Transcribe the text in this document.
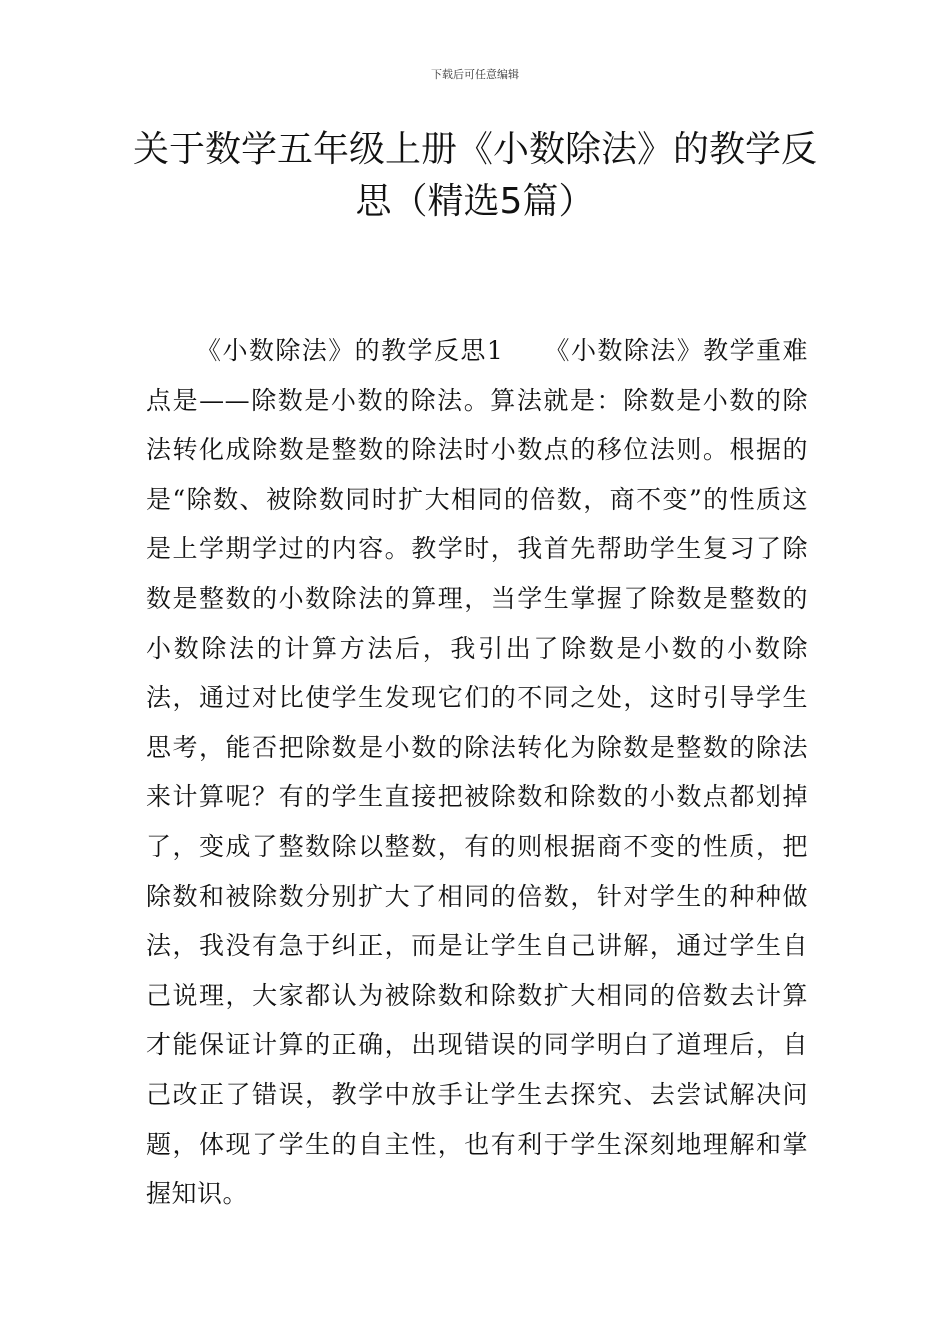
下载后可任意编辑
关于数学五年级上册《小数除法》的教学反思（精选5篇）

《小数除法》的教学反思1　　《小数除法》教学重难点是——除数是小数的除法。算法就是：除数是小数的除法转化成除数是整数的除法时小数点的移位法则。根据的是“除数、被除数同时扩大相同的倍数，商不变”的性质这是上学期学过的内容。教学时，我首先帮助学生复习了除数是整数的小数除法的算理，当学生掌握了除数是整数的小数除法的计算方法后，我引出了除数是小数的小数除法，通过对比使学生发现它们的不同之处，这时引导学生思考，能否把除数是小数的除法转化为除数是整数的除法来计算呢？有的学生直接把被除数和除数的小数点都划掉了，变成了整数除以整数，有的则根据商不变的性质，把除数和被除数分别扩大了相同的倍数，针对学生的种种做法，我没有急于纠正，而是让学生自己讲解，通过学生自己说理，大家都认为被除数和除数扩大相同的倍数去计算才能保证计算的正确，出现错误的同学明白了道理后，自己改正了错误，教学中放手让学生去探究、去尝试解决问题，体现了学生的自主性，也有利于学生深刻地理解和掌握知识。
